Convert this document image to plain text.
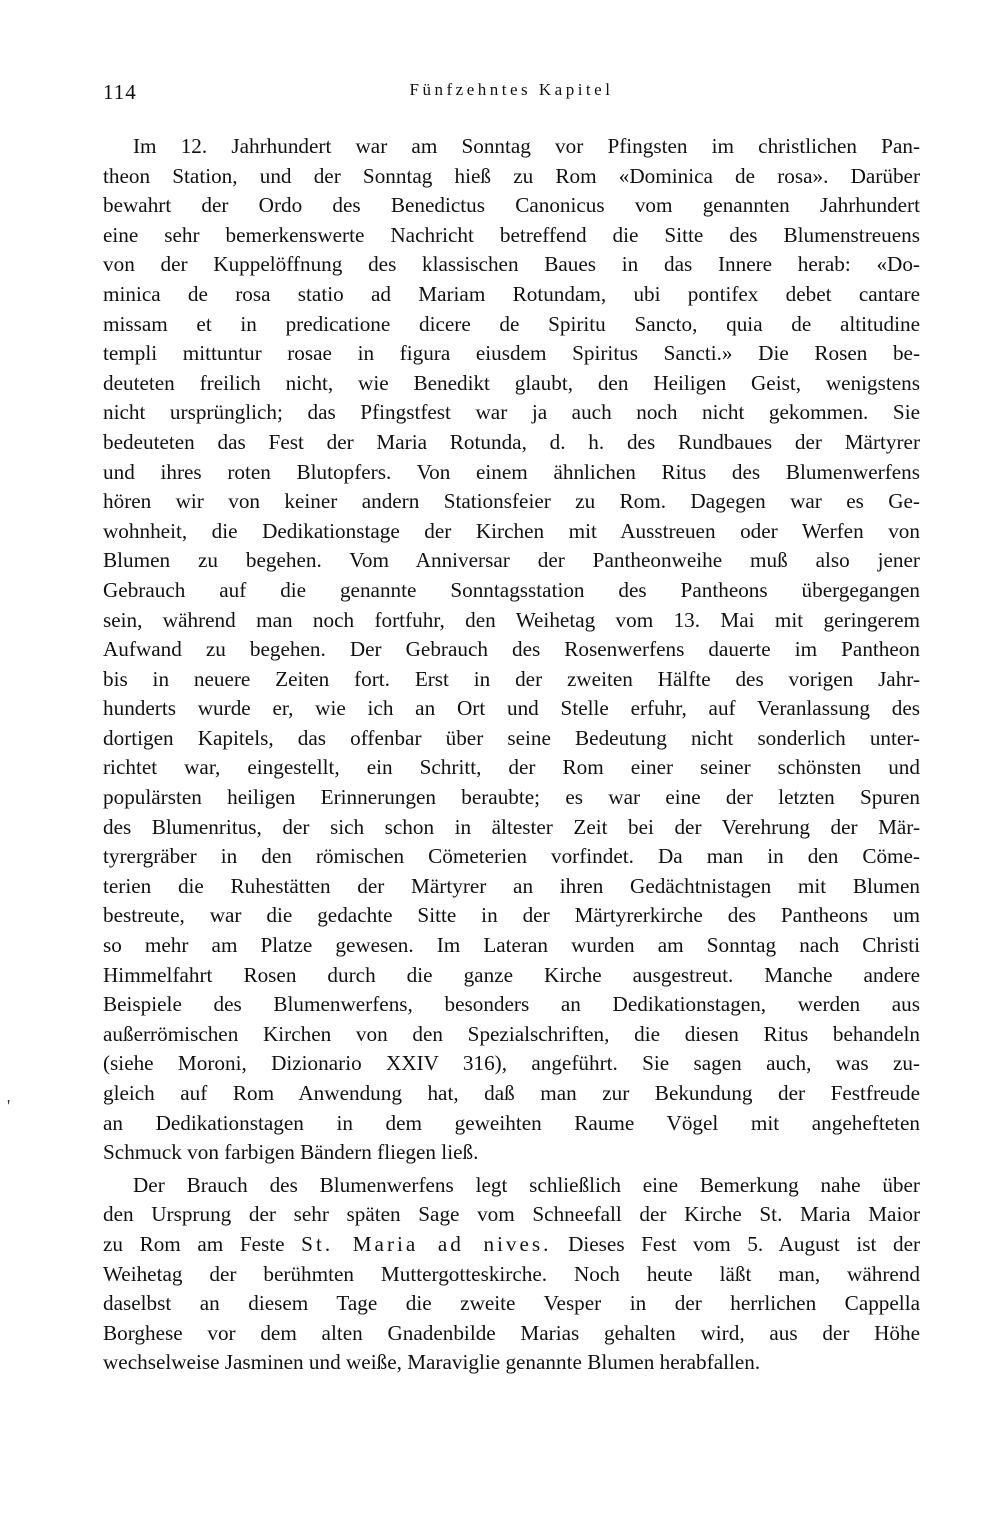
'
114	Fünfzehntes Kapitel
Im 12. Jahrhundert war am Sonntag vor Pfingsten im christlichen Pan-
theon Station, und der Sonntag hieß zu Rom «Dominica de rosa». Darüber
bewahrt der Ordo des Benedictus Canonicus vom genannten Jahrhundert
eine sehr bemerkenswerte Nachricht betreffend die Sitte des Blumenstreuens
von der Kuppelöffnung des klassischen Baues in das Innere herab: «Do-
minica de rosa statio ad Mariam Rotundam, ubi pontifex debet cantare
missam et in predicatione dicere de Spiritu Sancto, quia de altitudine
templi mittuntur rosae in figura eiusdem Spiritus Sancti.» Die Rosen be-
deuteten freilich nicht, wie Benedikt glaubt, den Heiligen Geist, wenigstens
nicht ursprünglich; das Pfingstfest war ja auch noch nicht gekommen. Sie
bedeuteten das Fest der Maria Rotunda, d. h. des Rundbaues der Märtyrer
und ihres roten Blutopfers. Von einem ähnlichen Ritus des Blumenwerfens
hören wir von keiner andern Stationsfeier zu Rom. Dagegen war es Ge-
wohnheit, die Dedikationstage der Kirchen mit Ausstreuen oder Werfen von
Blumen zu begehen. Vom Anniversar der Pantheonweihe muß also jener
Gebrauch auf die genannte Sonntagsstation des Pantheons übergegangen
sein, während man noch fortfuhr, den Weihetag vom 13. Mai mit geringerem
Aufwand zu begehen. Der Gebrauch des Rosenwerfens dauerte im Pantheon
bis in neuere Zeiten fort. Erst in der zweiten Hälfte des vorigen Jahr-
hunderts wurde er, wie ich an Ort und Stelle erfuhr, auf Veranlassung des
dortigen Kapitels, das offenbar über seine Bedeutung nicht sonderlich unter-
richtet war, eingestellt, ein Schritt, der Rom einer seiner schönsten und
populärsten heiligen Erinnerungen beraubte; es war eine der letzten Spuren
des Blumenritus, der sich schon in ältester Zeit bei der Verehrung der Mär-
tyrergräber in den römischen Cömeterien vorfindet. Da man in den Cöme-
terien die Ruhestätten der Märtyrer an ihren Gedächtnistagen mit Blumen
bestreute, war die gedachte Sitte in der Märtyrerkirche des Pantheons um
so mehr am Platze gewesen. Im Lateran wurden am Sonntag nach Christi
Himmelfahrt Rosen durch die ganze Kirche ausgestreut. Manche andere
Beispiele des Blumenwerfens, besonders an Dedikationstagen, werden aus
außerrömischen Kirchen von den Spezialschriften, die diesen Ritus behandeln
(siehe Moroni, Dizionario XXIV 316), angeführt. Sie sagen auch, was zu-
gleich auf Rom Anwendung hat, daß man zur Bekundung der Festfreude
an Dedikationstagen in dem geweihten Raume Vögel mit angehefteten
Schmuck von farbigen Bändern fliegen ließ.
Der Brauch des Blumenwerfens legt schließlich eine Bemerkung nahe über
den Ursprung der sehr späten Sage vom Schneefall der Kirche St. Maria Maior
zu Rom am Feste St. Maria ad nives. Dieses Fest vom 5. August ist der
Weihetag der berühmten Muttergotteskirche. Noch heute läßt man, während
daselbst an diesem Tage die zweite Vesper in der herrlichen Cappella
Borghese vor dem alten Gnadenbilde Marias gehalten wird, aus der Höhe
wechselweise Jasminen und weiße, Maraviglie genannte Blumen herabfallen.
